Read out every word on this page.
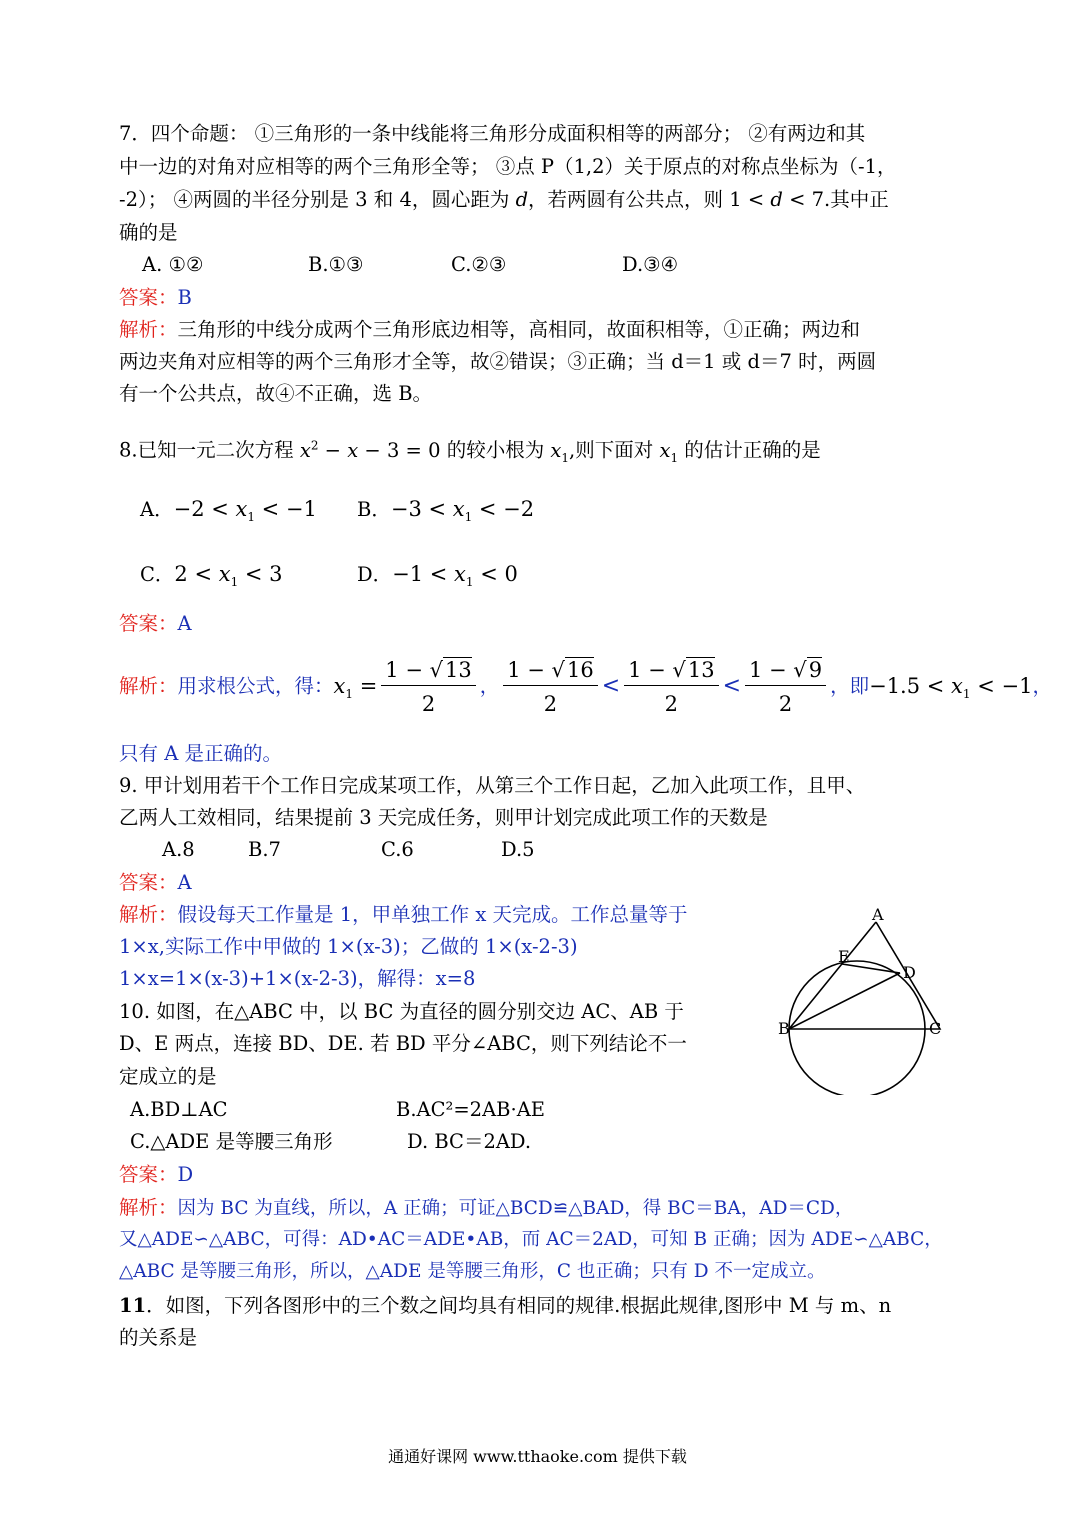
7．四个命题： ①三角形的一条中线能将三角形分成面积相等的两部分； ②有两边和其
中一边的对角对应相等的两个三角形全等； ③点 P（1,2）关于原点的对称点坐标为（-1，
-2）； ④两圆的半径分别是 3 和 4，圆心距为 d，若两圆有公共点，则 1 < d < 7.其中正
确的是
A. ①②	B.①③	C.②③	D.③④
答案：B
解析：三角形的中线分成两个三角形底边相等，高相同，故面积相等，①正确；两边和
两边夹角对应相等的两个三角形才全等，故②错误；③正确；当 d＝1 或 d＝7 时，两圆
有一个公共点，故④不正确，选 B。
8.已知一元二次方程 $x^2 - x - 3 = 0$ 的较小根为 $x_1$,则下面对 $x_1$ 的估计正确的是
A．$-2 < x_1 < -1$ B．$-3 < x_1 < -2$
C．$2 < x_1 < 3$	D．$-1 < x_1 < 0$
答案：A
解析：用求根公式，得：$x_1 = \frac{1 - √13}{2}$ ， $\frac{1 - √16}{2} < \frac{1 - √13}{2} < \frac{1 - √9}{2}$ ，即$-1.5 < x_1 < -1$，
只有 A 是正确的。
9. 甲计划用若干个工作日完成某项工作，从第三个工作日起，乙加入此项工作，且甲、
乙两人工效相同，结果提前 3 天完成任务，则甲计划完成此项工作的天数是
A.8	B.7	C.6	D.5
答案：A
解析：假设每天工作量是 1，甲单独工作 x 天完成。工作总量等于
1×x,实际工作中甲做的 1×(x-3)；乙做的 1×(x-2-3)
1×x=1×(x-3)+1×(x-2-3)，解得：x=8
10. 如图，在△ABC 中，以 BC 为直径的圆分别交边 AC、AB 于
D、E 两点，连接 BD、DE. 若 BD 平分∠ABC，则下列结论不一
定成立的是
A.BD⊥AC	B.AC²=2AB·AE
C.△ADE 是等腰三角形	D. BC＝2AD.
答案：D
解析：因为 BC 为直线，所以，A 正确；可证△BCD≌△BAD，得 BC＝BA，AD＝CD，
又△ADE∽△ABC，可得：AD•AC＝ADE•AB，而 AC＝2AD，可知 B 正确；因为 ADE∽△ABC，
△ABC 是等腰三角形，所以，△ADE 是等腰三角形，C 也正确；只有 D 不一定成立。
A
E
D
B	C
11．如图，下列各图形中的三个数之间均具有相同的规律.根据此规律,图形中 M 与 m、n
的关系是
通通好课网 www.tthaoke.com 提供下载
